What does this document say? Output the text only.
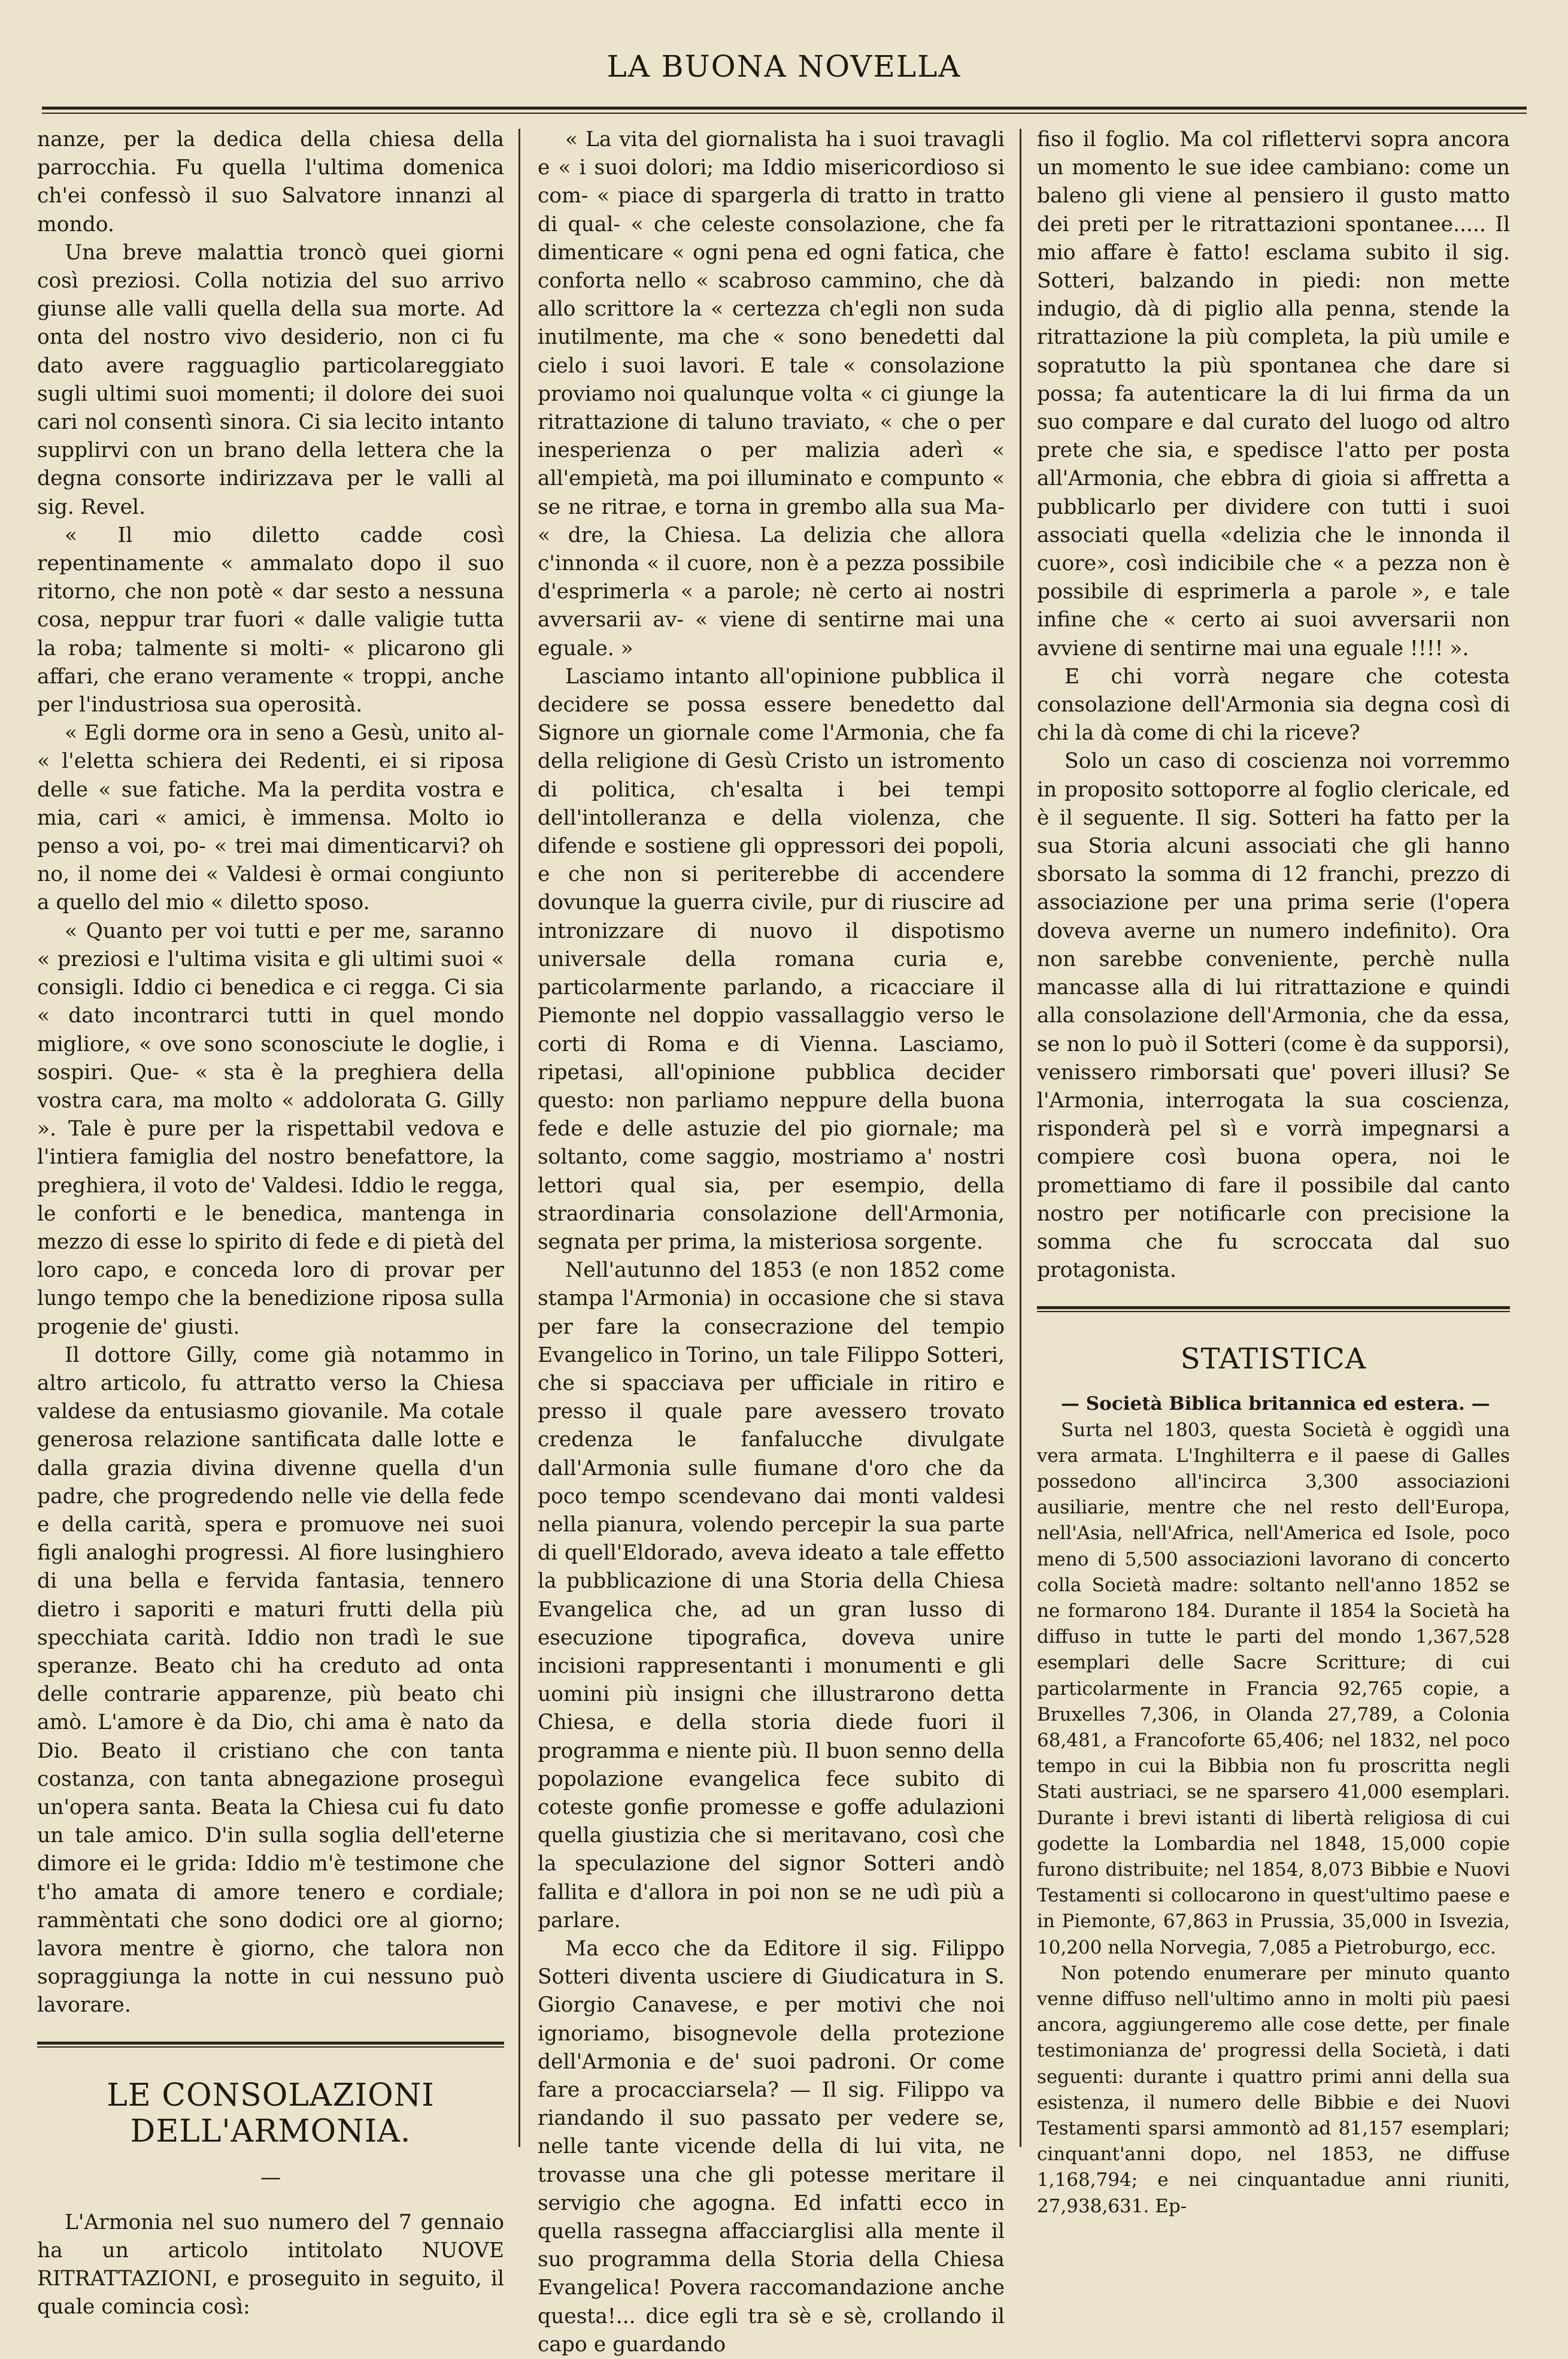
LA BUONA NOVELLA

nanze, per la dedica della chiesa della parrocchia. Fu quella l'ultima domenica ch'ei confessò il suo Salvatore innanzi al mondo.

Una breve malattia troncò quei giorni così preziosi. Colla notizia del suo arrivo giunse alle valli quella della sua morte. Ad onta del nostro vivo desiderio, non ci fu dato avere ragguaglio particolareggiato sugli ultimi suoi momenti; il dolore dei suoi cari nol consentì sinora. Ci sia lecito intanto supplirvi con un brano della lettera che la degna consorte indirizzava per le valli al sig. Revel.

« Il mio diletto cadde così repentinamente « ammalato dopo il suo ritorno, che non potè « dar sesto a nessuna cosa, neppur trar fuori « dalle valigie tutta la roba; talmente si molti- « plicarono gli affari, che erano veramente « troppi, anche per l'industriosa sua operosità.

« Egli dorme ora in seno a Gesù, unito al- « l'eletta schiera dei Redenti, ei si riposa delle « sue fatiche. Ma la perdita vostra e mia, cari « amici, è immensa. Molto io penso a voi, po- « trei mai dimenticarvi? oh no, il nome dei « Valdesi è ormai congiunto a quello del mio « diletto sposo.

« Quanto per voi tutti e per me, saranno « preziosi e l'ultima visita e gli ultimi suoi « consigli. Iddio ci benedica e ci regga. Ci sia « dato incontrarci tutti in quel mondo migliore, « ove sono sconosciute le doglie, i sospiri. Que- « sta è la preghiera della vostra cara, ma molto « addolorata G. Gilly ». Tale è pure per la rispettabil vedova e l'intiera famiglia del nostro benefattore, la preghiera, il voto de' Valdesi. Iddio le regga, le conforti e le benedica, mantenga in mezzo di esse lo spirito di fede e di pietà del loro capo, e conceda loro di provar per lungo tempo che la benedizione riposa sulla progenie de' giusti.

Il dottore Gilly, come già notammo in altro articolo, fu attratto verso la Chiesa valdese da entusiasmo giovanile. Ma cotale generosa relazione santificata dalle lotte e dalla grazia divina divenne quella d'un padre, che progredendo nelle vie della fede e della carità, spera e promuove nei suoi figli analoghi progressi. Al fiore lusinghiero di una bella e fervida fantasia, tennero dietro i saporiti e maturi frutti della più specchiata carità. Iddio non tradì le sue speranze. Beato chi ha creduto ad onta delle contrarie apparenze, più beato chi amò. L'amore è da Dio, chi ama è nato da Dio. Beato il cristiano che con tanta costanza, con tanta abnegazione proseguì un'opera santa. Beata la Chiesa cui fu dato un tale amico. D'in sulla soglia dell'eterne dimore ei le grida: Iddio m'è testimone che t'ho amata di amore tenero e cordiale; rammèntati che sono dodici ore al giorno; lavora mentre è giorno, che talora non sopraggiunga la notte in cui nessuno può lavorare.

LE CONSOLAZIONI DELL'ARMONIA.
—

L'Armonia nel suo numero del 7 gennaio ha un articolo intitolato NUOVE RITRATTAZIONI, e proseguito in seguito, il quale comincia così:

« La vita del giornalista ha i suoi travagli e « i suoi dolori; ma Iddio misericordioso si com- « piace di spargerla di tratto in tratto di qual- « che celeste consolazione, che fa dimenticare « ogni pena ed ogni fatica, che conforta nello « scabroso cammino, che dà allo scrittore la « certezza ch'egli non suda inutilmente, ma che « sono benedetti dal cielo i suoi lavori. E tale « consolazione proviamo noi qualunque volta « ci giunge la ritrattazione di taluno traviato, « che o per inesperienza o per malizia aderì « all'empietà, ma poi illuminato e compunto « se ne ritrae, e torna in grembo alla sua Ma- « dre, la Chiesa. La delizia che allora c'innonda « il cuore, non è a pezza possibile d'esprimerla « a parole; nè certo ai nostri avversarii av- « viene di sentirne mai una eguale. »

Lasciamo intanto all'opinione pubblica il decidere se possa essere benedetto dal Signore un giornale come l'Armonia, che fa della religione di Gesù Cristo un istromento di politica, ch'esalta i bei tempi dell'intolleranza e della violenza, che difende e sostiene gli oppressori dei popoli, e che non si periterebbe di accendere dovunque la guerra civile, pur di riuscire ad intronizzare di nuovo il dispotismo universale della romana curia e, particolarmente parlando, a ricacciare il Piemonte nel doppio vassallaggio verso le corti di Roma e di Vienna. Lasciamo, ripetasi, all'opinione pubblica decider questo: non parliamo neppure della buona fede e delle astuzie del pio giornale; ma soltanto, come saggio, mostriamo a' nostri lettori qual sia, per esempio, della straordinaria consolazione dell'Armonia, segnata per prima, la misteriosa sorgente.

Nell'autunno del 1853 (e non 1852 come stampa l'Armonia) in occasione che si stava per fare la consecrazione del tempio Evangelico in Torino, un tale Filippo Sotteri, che si spacciava per ufficiale in ritiro e presso il quale pare avessero trovato credenza le fanfalucche divulgate dall'Armonia sulle fiumane d'oro che da poco tempo scendevano dai monti valdesi nella pianura, volendo percepir la sua parte di quell'Eldorado, aveva ideato a tale effetto la pubblicazione di una Storia della Chiesa Evangelica che, ad un gran lusso di esecuzione tipografica, doveva unire incisioni rappresentanti i monumenti e gli uomini più insigni che illustrarono detta Chiesa, e della storia diede fuori il programma e niente più. Il buon senno della popolazione evangelica fece subito di coteste gonfie promesse e goffe adulazioni quella giustizia che si meritavano, così che la speculazione del signor Sotteri andò fallita e d'allora in poi non se ne udì più a parlare.

Ma ecco che da Editore il sig. Filippo Sotteri diventa usciere di Giudicatura in S. Giorgio Canavese, e per motivi che noi ignoriamo, bisognevole della protezione dell'Armonia e de' suoi padroni. Or come fare a procacciarsela? — Il sig. Filippo va riandando il suo passato per vedere se, nelle tante vicende della di lui vita, ne trovasse una che gli potesse meritare il servigio che agogna. Ed infatti ecco in quella rassegna affacciarglisi alla mente il suo programma della Storia della Chiesa Evangelica! Povera raccomandazione anche questa!... dice egli tra sè e sè, crollando il capo e guardando

fiso il foglio. Ma col riflettervi sopra ancora un momento le sue idee cambiano: come un baleno gli viene al pensiero il gusto matto dei preti per le ritrattazioni spontanee..... Il mio affare è fatto! esclama subito il sig. Sotteri, balzando in piedi: non mette indugio, dà di piglio alla penna, stende la ritrattazione la più completa, la più umile e sopratutto la più spontanea che dare si possa; fa autenticare la di lui firma da un suo compare e dal curato del luogo od altro prete che sia, e spedisce l'atto per posta all'Armonia, che ebbra di gioia si affretta a pubblicarlo per dividere con tutti i suoi associati quella «delizia che le innonda il cuore», così indicibile che « a pezza non è possibile di esprimerla a parole », e tale infine che « certo ai suoi avversarii non avviene di sentirne mai una eguale !!!! ».

E chi vorrà negare che cotesta consolazione dell'Armonia sia degna così di chi la dà come di chi la riceve?

Solo un caso di coscienza noi vorremmo in proposito sottoporre al foglio clericale, ed è il seguente. Il sig. Sotteri ha fatto per la sua Storia alcuni associati che gli hanno sborsato la somma di 12 franchi, prezzo di associazione per una prima serie (l'opera doveva averne un numero indefinito). Ora non sarebbe conveniente, perchè nulla mancasse alla di lui ritrattazione e quindi alla consolazione dell'Armonia, che da essa, se non lo può il Sotteri (come è da supporsi), venissero rimborsati que' poveri illusi? Se l'Armonia, interrogata la sua coscienza, risponderà pel sì e vorrà impegnarsi a compiere così buona opera, noi le promettiamo di fare il possibile dal canto nostro per notificarle con precisione la somma che fu scroccata dal suo protagonista.

STATISTICA

— Società Biblica britannica ed estera. —

Surta nel 1803, questa Società è oggidì una vera armata. L'Inghilterra e il paese di Galles possedono all'incirca 3,300 associazioni ausiliarie, mentre che nel resto dell'Europa, nell'Asia, nell'Africa, nell'America ed Isole, poco meno di 5,500 associazioni lavorano di concerto colla Società madre: soltanto nell'anno 1852 se ne formarono 184. Durante il 1854 la Società ha diffuso in tutte le parti del mondo 1,367,528 esemplari delle Sacre Scritture; di cui particolarmente in Francia 92,765 copie, a Bruxelles 7,306, in Olanda 27,789, a Colonia 68,481, a Francoforte 65,406; nel 1832, nel poco tempo in cui la Bibbia non fu proscritta negli Stati austriaci, se ne sparsero 41,000 esemplari. Durante i brevi istanti di libertà religiosa di cui godette la Lombardia nel 1848, 15,000 copie furono distribuite; nel 1854, 8,073 Bibbie e Nuovi Testamenti si collocarono in quest'ultimo paese e in Piemonte, 67,863 in Prussia, 35,000 in Isvezia, 10,200 nella Norvegia, 7,085 a Pietroburgo, ecc.

Non potendo enumerare per minuto quanto venne diffuso nell'ultimo anno in molti più paesi ancora, aggiungeremo alle cose dette, per finale testimonianza de' progressi della Società, i dati seguenti: durante i quattro primi anni della sua esistenza, il numero delle Bibbie e dei Nuovi Testamenti sparsi ammontò ad 81,157 esemplari; cinquant'anni dopo, nel 1853, ne diffuse 1,168,794; e nei cinquantadue anni riuniti, 27,938,631. Ep-
